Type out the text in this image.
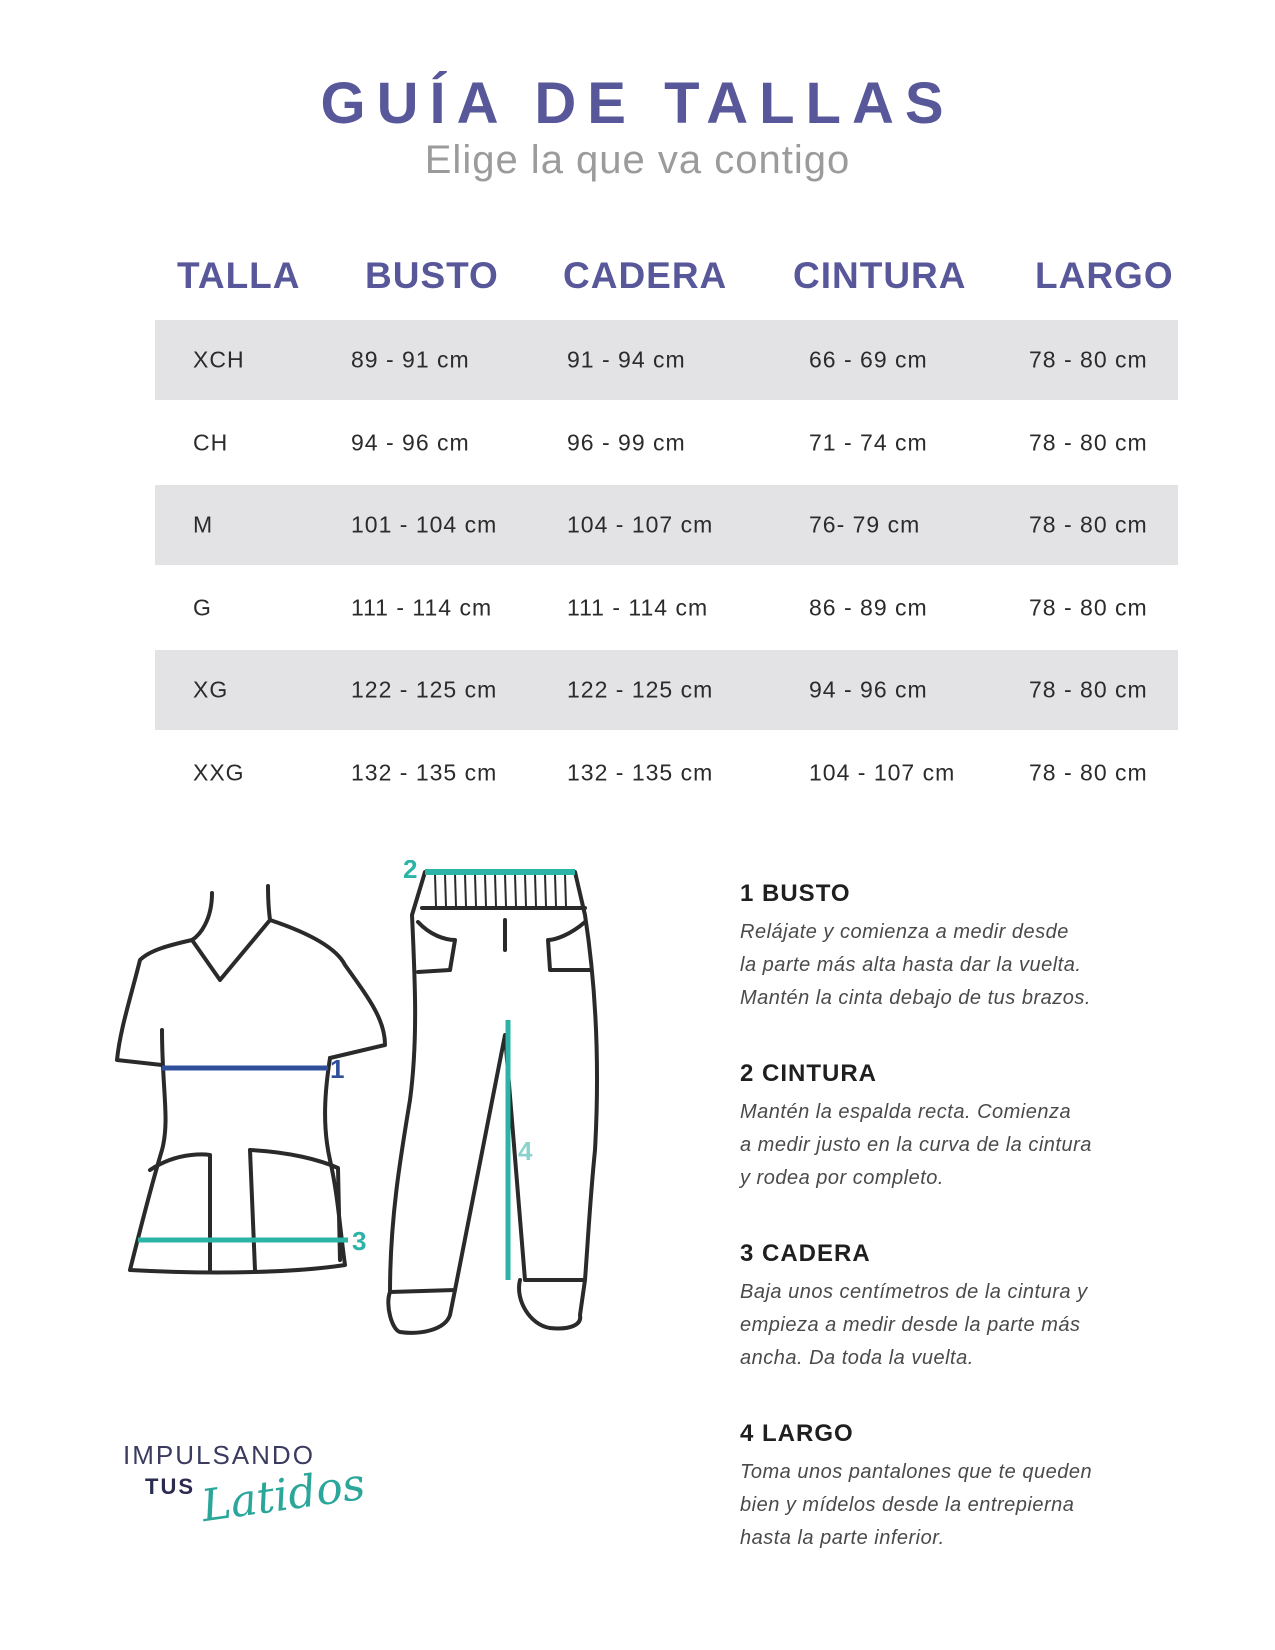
GUÍA DE TALLAS
Elige la que va contigo
TALLA BUSTO CADERA CINTURA LARGO
XCH	89 - 91 cm	91 - 94 cm	66 - 69 cm	78 - 80 cm
CH	94 - 96 cm	96 - 99 cm	71 - 74 cm	78 - 80 cm
M	101 - 104 cm	104 - 107 cm	76- 79 cm	78 - 80 cm
G	111 - 114 cm	111 - 114 cm	86 - 89 cm	78 - 80 cm
XG	122 - 125 cm	122 - 125 cm	94 - 96 cm	78 - 80 cm
XXG	132 - 135 cm	132 - 135 cm	104 - 107 cm	78 - 80 cm
1
3
2
4
1 BUSTO

Relájate y comienza a medir desde
la parte más alta hasta dar la vuelta.
Mantén la cinta debajo de tus brazos.

2 CINTURA

Mantén la espalda recta. Comienza
a medir justo en la curva de la cintura
y rodea por completo.

3 CADERA

Baja unos centímetros de la cintura y
empieza a medir desde la parte más
ancha. Da toda la vuelta.

4 LARGO

Toma unos pantalones que te queden
bien y mídelos desde la entrepierna
hasta la parte inferior.

IMPULSANDO
TUS Latidos
